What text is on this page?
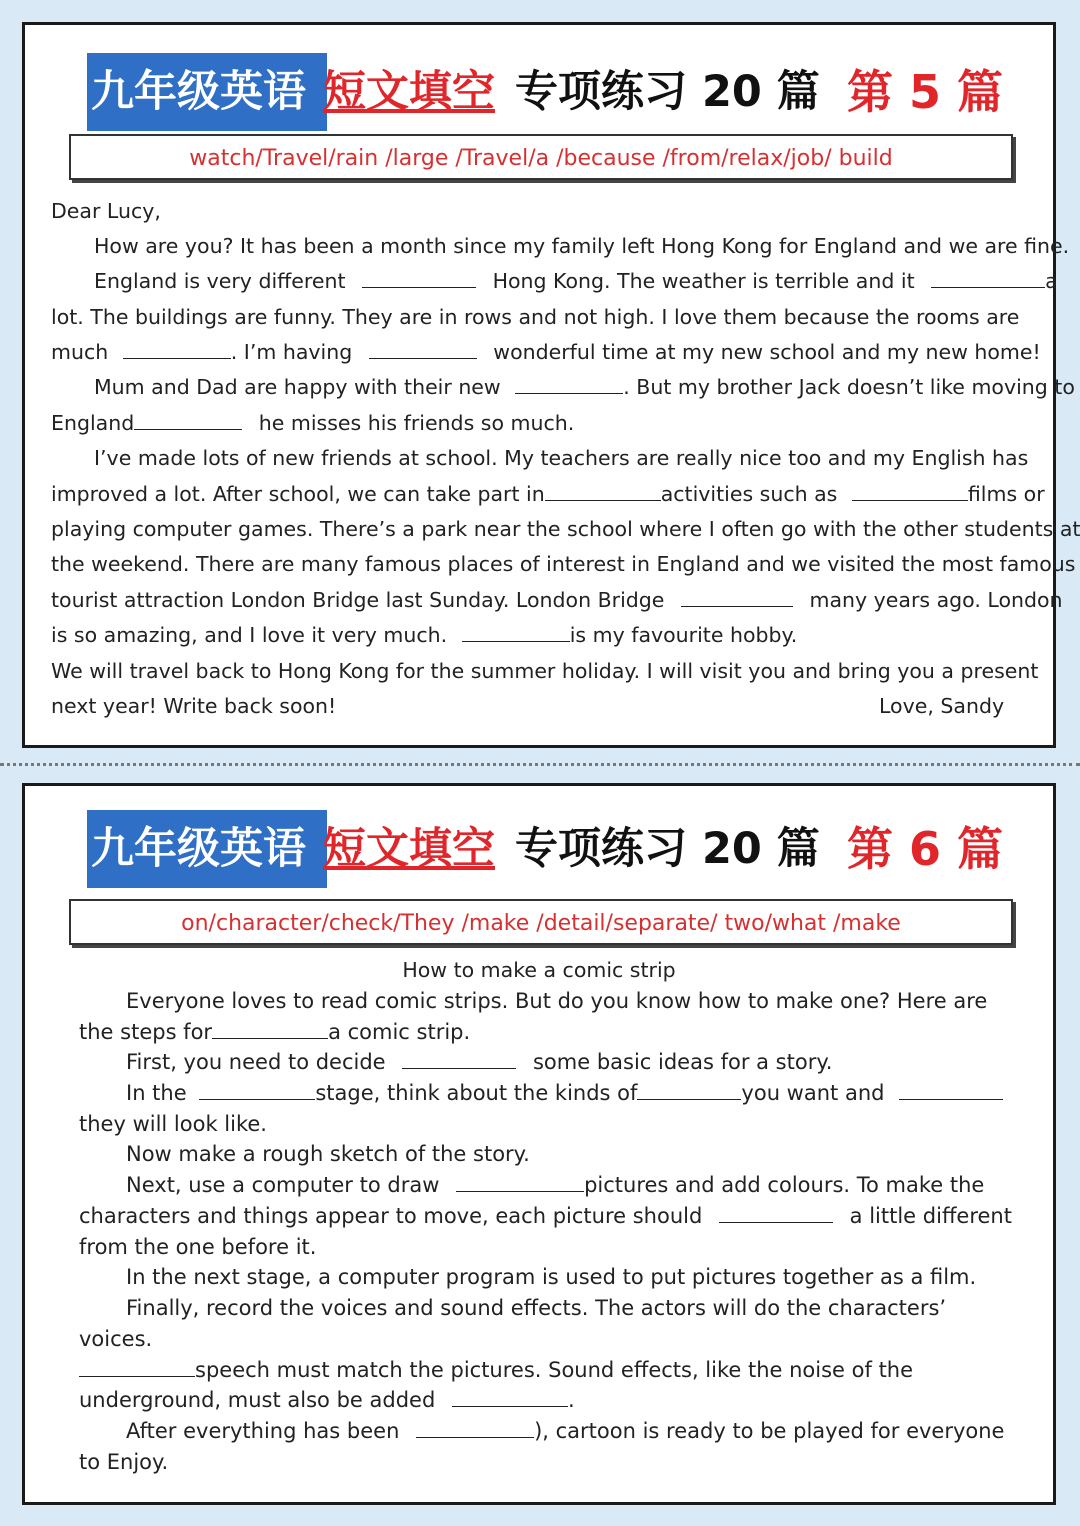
九年级英语 短文填空 专项练习 20 篇 第 5 篇
watch/Travel/rain /large /Travel/a /because /from/relax/job/ build
Dear Lucy,
How are you? It has been a month since my family left Hong Kong for England and we are fine.
England is very different	Hong Kong. The weather is terrible and it	a
lot. The buildings are funny. They are in rows and not high. I love them because the rooms are
much	. I’m having	wonderful time at my new school and my new home!
Mum and Dad are happy with their new	. But my brother Jack doesn’t like moving to
England	he misses his friends so much.
I’ve made lots of new friends at school. My teachers are really nice too and my English has
improved a lot. After school, we can take part in	activities such as	films or
playing computer games. There’s a park near the school where I often go with the other students at
the weekend. There are many famous places of interest in England and we visited the most famous
tourist attraction London Bridge last Sunday. London Bridge	many years ago. London
is so amazing, and I love it very much.	is my favourite hobby.
We will travel back to Hong Kong for the summer holiday. I will visit you and bring you a present
next year! Write back soon!	Love, Sandy
九年级英语 短文填空 专项练习 20 篇 第 6 篇
on/character/check/They /make /detail/separate/ two/what /make
How to make a comic strip
Everyone loves to read comic strips. But do you know how to make one? Here are
the steps for	a comic strip.
First, you need to decide	some basic ideas for a story.
In the	stage, think about the kinds of	you want and
they will look like.
Now make a rough sketch of the story.
Next, use a computer to draw	pictures and add colours. To make the
characters and things appear to move, each picture should	a little different
from the one before it.
In the next stage, a computer program is used to put pictures together as a film.
Finally, record the voices and sound effects. The actors will do the characters’
voices.
speech must match the pictures. Sound effects, like the noise of the
underground, must also be added	.
After everything has been	), cartoon is ready to be played for everyone
to Enjoy.
